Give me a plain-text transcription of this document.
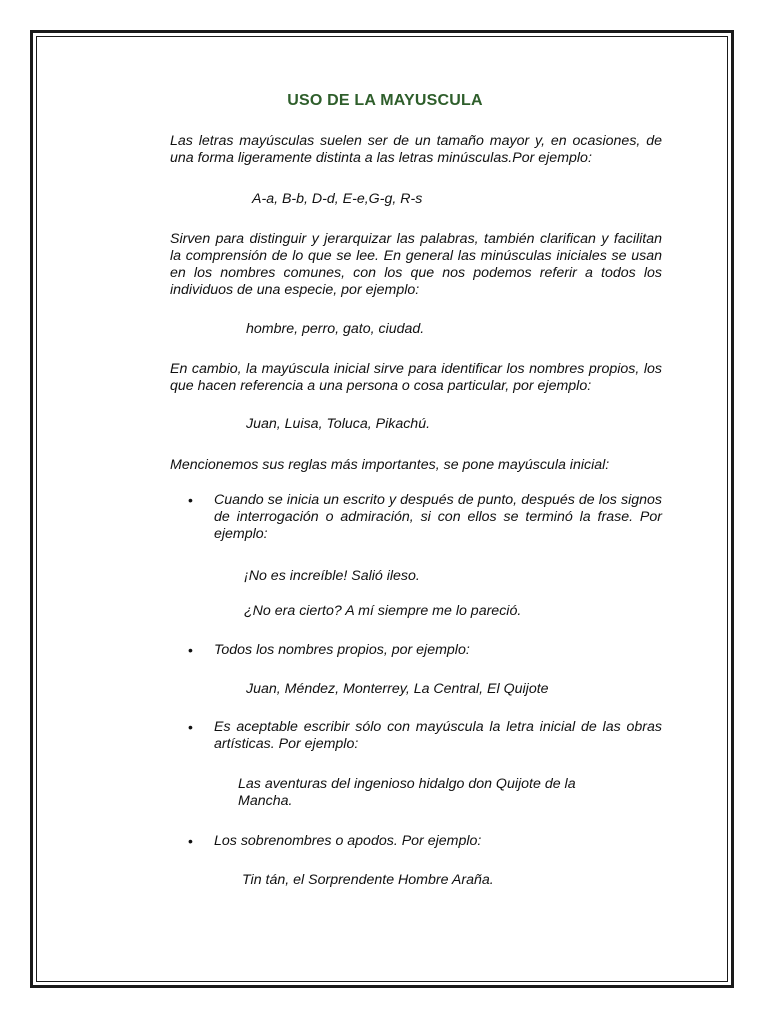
USO DE LA MAYUSCULA

Las letras mayúsculas suelen ser de un tamaño mayor y, en ocasiones, de una forma ligeramente distinta a las letras minúsculas.Por ejemplo:

A-a, B-b, D-d, E-e,G-g, R-s

Sirven para distinguir y jerarquizar las palabras, también clarifican y facilitan la comprensión de lo que se lee. En general las minúsculas iniciales se usan en los nombres comunes, con los que nos podemos referir a todos los individuos de una especie, por ejemplo:

hombre, perro, gato, ciudad.

En cambio, la mayúscula inicial sirve para identificar los nombres propios, los que hacen referencia a una persona o cosa particular, por ejemplo:

Juan, Luisa, Toluca, Pikachú.

Mencionemos sus reglas más importantes, se pone mayúscula inicial:

• Cuando se inicia un escrito y después de punto, después de los signos de interrogación o admiración, si con ellos se terminó la frase. Por ejemplo:

¡No es increíble! Salió ileso.

¿No era cierto? A mí siempre me lo pareció.

• Todos los nombres propios, por ejemplo:

Juan, Méndez, Monterrey, La Central, El Quijote

• Es aceptable escribir sólo con mayúscula la letra inicial de las obras artísticas. Por ejemplo:

Las aventuras del ingenioso hidalgo don Quijote de la Mancha.

• Los sobrenombres o apodos. Por ejemplo:

Tin tán, el Sorprendente Hombre Araña.
